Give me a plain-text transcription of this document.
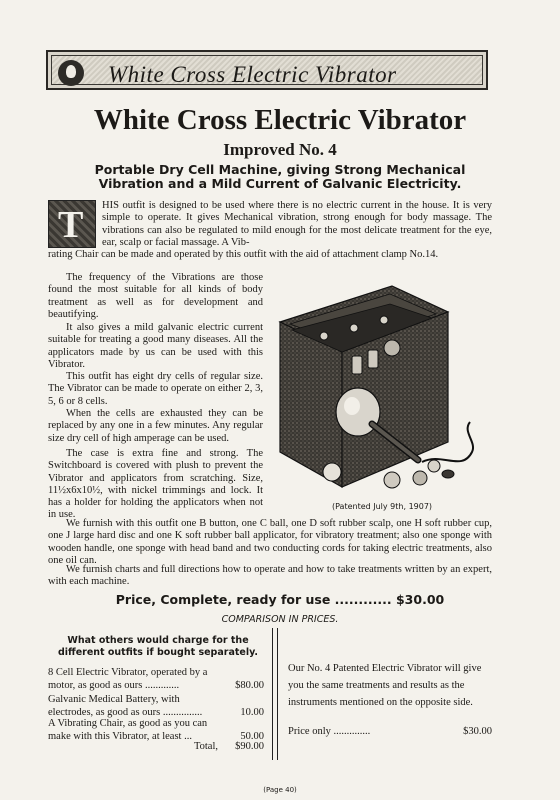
White Cross Electric Vibrator
White Cross Electric Vibrator
Improved No. 4
Portable Dry Cell Machine, giving Strong Mechanical Vibration and a Mild Current of Galvanic Electricity.
T HIS outfit is designed to be used where there is no electric current in the house. It is very simple to operate. It gives Mechanical vibration, strong enough for body massage. The vibrations can also be regulated to mild enough for the most delicate treatment for the eye, ear, scalp or facial massage. A Vib-
rating Chair can be made and operated by this outfit with the aid of attachment clamp No.14.
The frequency of the Vibrations are those found the most suitable for all kinds of body treatment as well as for development and beautifying.
It also gives a mild galvanic electric current suitable for treating a good many diseases. All the applicators made by us can be used with this Vibrator.
This outfit has eight dry cells of regular size. The Vibrator can be made to operate on either 2, 3, 5, 6 or 8 cells.
When the cells are exhausted they can be replaced by any one in a few minutes. Any regular size dry cell of high amperage can be used.
The case is extra fine and strong. The Switchboard is covered with plush to prevent the Vibrator and applicators from scratching. Size, 11½x6x10½, with nickel trimmings and lock. It has a holder for holding the applicators when not in use.
(Patented July 9th, 1907)
We furnish with this outfit one B button, one C ball, one D soft rubber scalp, one H soft rubber cup, one J large hard disc and one K soft rubber ball applicator, for vibratory treatment; also one sponge with wooden handle, one sponge with head band and two conducting cords for taking electric treatments, also one oil can.
We furnish charts and full directions how to operate and how to take treatments written by an expert, with each machine.
Price, Complete, ready for use ............ $30.00
COMPARISON IN PRICES.
What others would charge for the different outfits if bought separately.
8 Cell Electric Vibrator, operated by a motor, as good as ours .............	$80.00
Galvanic Medical Battery, with electrodes, as good as ours ...............	10.00
A Vibrating Chair, as good as you can make with this Vibrator, at least ...	50.00
Total,	$90.00
Our No. 4 Patented Electric Vibrator will give you the same treatments and results as the instruments mentioned on the opposite side.
Price only ..............	$30.00
(Page 40)
